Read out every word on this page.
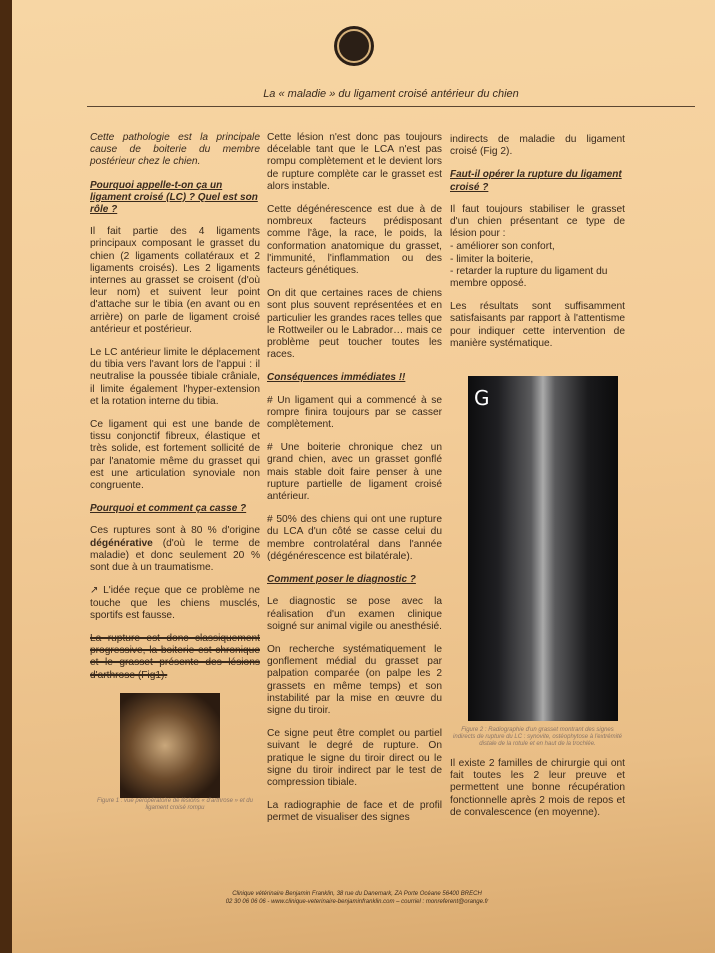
La « maladie » du ligament croisé antérieur du chien

Cette pathologie est la principale cause de boiterie du membre postérieur chez le chien.

Pourquoi appelle-t-on ça un ligament croisé (LC) ? Quel est son rôle ?

Il fait partie des 4 ligaments principaux composant le grasset du chien (2 ligaments collatéraux et 2 ligaments croisés). Les 2 ligaments internes au grasset se croisent (d'où leur nom) et suivent leur point d'attache sur le tibia (en avant ou en arrière) on parle de ligament croisé antérieur et postérieur.

Le LC antérieur limite le déplacement du tibia vers l'avant lors de l'appui : il neutralise la poussée tibiale crâniale, il limite également l'hyper-extension et la rotation interne du tibia.

Ce ligament qui est une bande de tissu conjonctif fibreux, élastique et très solide, est fortement sollicité de par l'anatomie même du grasset qui est une articulation synoviale non congruente.

Pourquoi et comment ça casse ?

Ces ruptures sont à 80 % d'origine dégénérative (d'où le terme de maladie) et donc seulement 20 % sont due à un traumatisme.

↗ L'idée reçue que ce problème ne touche que les chiens musclés, sportifs est fausse.

La rupture est donc classiquement progressive, la boiterie est chronique et le grasset présente des lésions d'arthrose (Fig1).

Figure 1 : vue peropératoire de lésions « d'arthrose » et du ligament croisé rompu

Cette lésion n'est donc pas toujours décelable tant que le LCA n'est pas rompu complètement et le devient lors de rupture complète car le grasset est alors instable.

Cette dégénérescence est due à de nombreux facteurs prédisposant comme l'âge, la race, le poids, la conformation anatomique du grasset, l'immunité, l'inflammation ou des facteurs génétiques.

On dit que certaines races de chiens sont plus souvent représentées et en particulier les grandes races telles que le Rottweiler ou le Labrador… mais ce problème peut toucher toutes les races.

Conséquences immédiates !!

# Un ligament qui a commencé à se rompre finira toujours par se casser complètement.

# Une boiterie chronique chez un grand chien, avec un grasset gonflé mais stable doit faire penser à une rupture partielle de ligament croisé antérieur.

# 50% des chiens qui ont une rupture du LCA d'un côté se casse celui du membre controlatéral dans l'année (dégénérescence est bilatérale).

Comment poser le diagnostic ?

Le diagnostic se pose avec la réalisation d'un examen clinique soigné sur animal vigile ou anesthésié.

On recherche systématiquement le gonflement médial du grasset par palpation comparée (on palpe les 2 grassets en même temps) et son instabilité par la mise en œuvre du signe du tiroir.

Ce signe peut être complet ou partiel suivant le degré de rupture. On pratique le signe du tiroir direct ou le signe du tiroir indirect par le test de compression tibiale.

La radiographie de face et de profil permet de visualiser des signes

indirects de maladie du ligament croisé (Fig 2).

Faut-il opérer la rupture du ligament croisé ?

Il faut toujours stabiliser le grasset d'un chien présentant ce type de lésion pour :

- améliorer son confort,
- limiter la boiterie,
- retarder la rupture du ligament du membre opposé.

Les résultats sont suffisamment satisfaisants par rapport à l'attentisme pour indiquer cette intervention de manière systématique.

G
Figure 2 : Radiographie d'un grasset montrant des signes indirects de rupture du LC : synovite, ostéophytose à l'extrémité distale de la rotule et en haut de la trochlée.

Il existe 2 familles de chirurgie qui ont fait toutes les 2 leur preuve et permettent une bonne récupération fonctionnelle après 2 mois de repos et de convalescence (en moyenne).

Clinique vétérinaire Benjamin Franklin, 38 rue du Danemark, ZA Porte Océane 56400 BRECH
02 30 06 06 06 - www.clinique-veterinaire-benjaminfranklin.com – courriel : monreferent@orange.fr
